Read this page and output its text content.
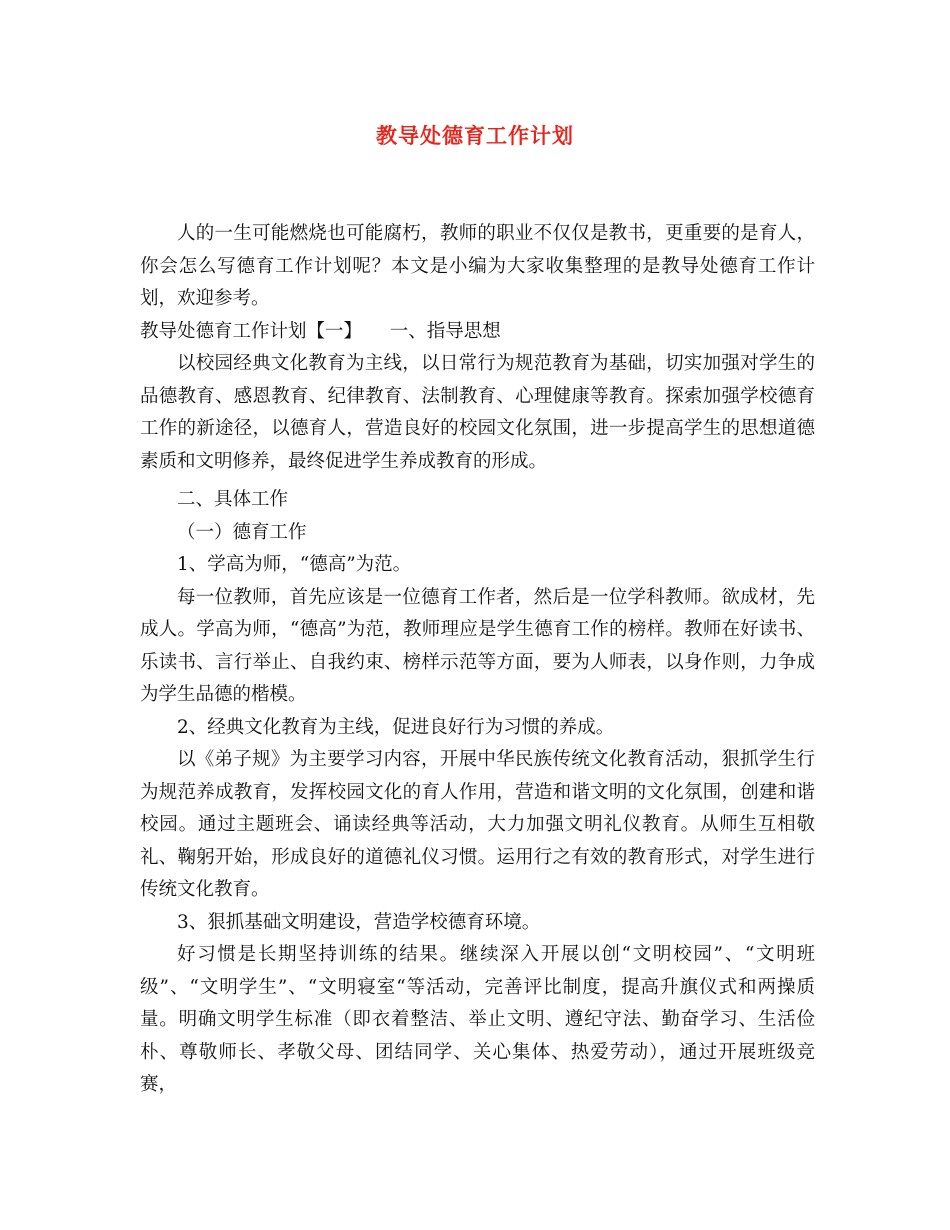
教导处德育工作计划

人的一生可能燃烧也可能腐朽，教师的职业不仅仅是教书，更重要的是育人，你会怎么写德育工作计划呢？本文是小编为大家收集整理的是教导处德育工作计划，欢迎参考。

教导处德育工作计划【一】　　一、指导思想

以校园经典文化教育为主线，以日常行为规范教育为基础，切实加强对学生的品德教育、感恩教育、纪律教育、法制教育、心理健康等教育。探索加强学校德育工作的新途径，以德育人，营造良好的校园文化氛围，进一步提高学生的思想道德素质和文明修养，最终促进学生养成教育的形成。

二、具体工作

（一）德育工作

1、学高为师，“德高”为范。

每一位教师，首先应该是一位德育工作者，然后是一位学科教师。欲成材，先成人。学高为师，“德高”为范，教师理应是学生德育工作的榜样。教师在好读书、乐读书、言行举止、自我约束、榜样示范等方面，要为人师表，以身作则，力争成为学生品德的楷模。

2、经典文化教育为主线，促进良好行为习惯的养成。

以《弟子规》为主要学习内容，开展中华民族传统文化教育活动，狠抓学生行为规范养成教育，发挥校园文化的育人作用，营造和谐文明的文化氛围，创建和谐校园。通过主题班会、诵读经典等活动，大力加强文明礼仪教育。从师生互相敬礼、鞠躬开始，形成良好的道德礼仪习惯。运用行之有效的教育形式，对学生进行传统文化教育。

3、狠抓基础文明建设，营造学校德育环境。

好习惯是长期坚持训练的结果。继续深入开展以创“文明校园”、“文明班级”、“文明学生”、“文明寝室“等活动，完善评比制度，提高升旗仪式和两操质量。明确文明学生标准（即衣着整洁、举止文明、遵纪守法、勤奋学习、生活俭朴、尊敬师长、孝敬父母、团结同学、关心集体、热爱劳动），通过开展班级竞赛，
